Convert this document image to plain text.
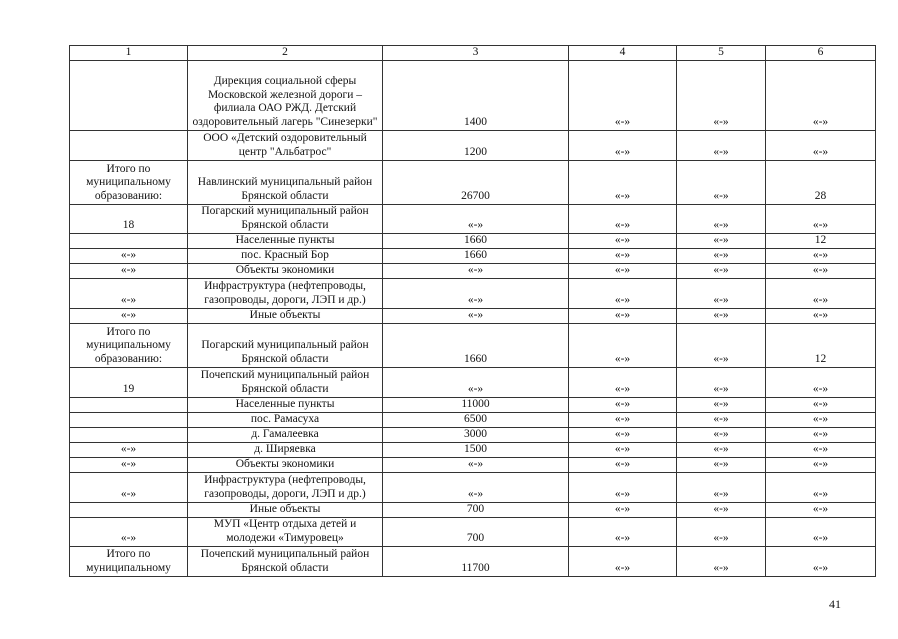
1	2	3	4	5	6
	Дирекция социальной сферы Московской железной дороги – филиала ОАО РЖД. Детский оздоровительный лагерь "Синезерки"	1400	«-»	«-»	«-»
	ООО «Детский оздоровительный центр "Альбатрос"	1200	«-»	«-»	«-»
Итого по муниципальному образованию:	Навлинский муниципальный район Брянской области	26700	«-»	«-»	28
18	Погарский муниципальный район Брянской области	«-»	«-»	«-»	«-»
	Населенные пункты	1660	«-»	«-»	12
«-»	пос. Красный Бор	1660	«-»	«-»	«-»
«-»	Объекты экономики	«-»	«-»	«-»	«-»
«-»	Инфраструктура (нефтепроводы, газопроводы, дороги, ЛЭП и др.)	«-»	«-»	«-»	«-»
«-»	Иные объекты	«-»	«-»	«-»	«-»
Итого по муниципальному образованию:	Погарский муниципальный район Брянской области	1660	«-»	«-»	12
19	Почепский муниципальный район Брянской области	«-»	«-»	«-»	«-»
	Населенные пункты	11000	«-»	«-»	«-»
	пос. Рамасуха	6500	«-»	«-»	«-»
	д. Гамалеевка	3000	«-»	«-»	«-»
«-»	д. Ширяевка	1500	«-»	«-»	«-»
«-»	Объекты экономики	«-»	«-»	«-»	«-»
«-»	Инфраструктура (нефтепроводы, газопроводы, дороги, ЛЭП и др.)	«-»	«-»	«-»	«-»
	Иные объекты	700	«-»	«-»	«-»
«-»	МУП «Центр отдыха детей и молодежи «Тимуровец»	700	«-»	«-»	«-»
Итого по муниципальному	Почепский муниципальный район Брянской области	11700	«-»	«-»	«-»
41
